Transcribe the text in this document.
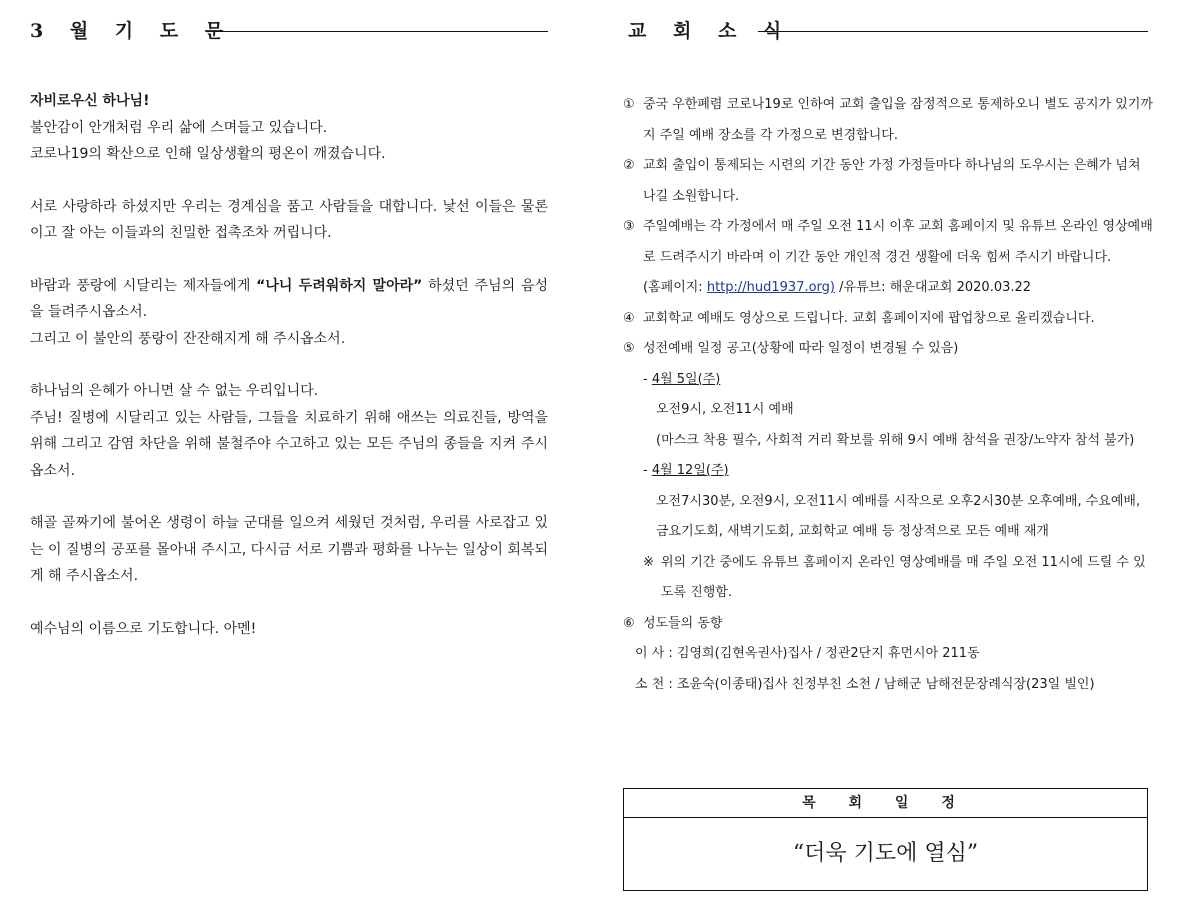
3 월 기 도 문

자비로우신 하나님!

불안감이 안개처럼 우리 삶에 스며들고 있습니다.
코로나19의 확산으로 인해 일상생활의 평온이 깨졌습니다.

서로 사랑하라 하셨지만 우리는 경계심을 품고 사람들을 대합니다. 낯선 이들은 물론이고 잘 아는 이들과의 친밀한 접촉조차 꺼립니다.

바람과 풍랑에 시달리는 제자들에게 “나니 두려워하지 말아라” 하셨던 주님의 음성을 들려주시옵소서.
그리고 이 불안의 풍랑이 잔잔해지게 해 주시옵소서.

하나님의 은혜가 아니면 살 수 없는 우리입니다.
주님! 질병에 시달리고 있는 사람들, 그들을 치료하기 위해 애쓰는 의료진들, 방역을 위해 그리고 감염 차단을 위해 불철주야 수고하고 있는 모든 주님의 종들을 지켜 주시옵소서.

해골 골짜기에 불어온 생령이 하늘 군대를 일으켜 세웠던 것처럼, 우리를 사로잡고 있는 이 질병의 공포를 몰아내 주시고, 다시금 서로 기쁨과 평화를 나누는 일상이 회복되게 해 주시옵소서.

예수님의 이름으로 기도합니다. 아멘!

교 회 소 식
① 중국 우한폐렴 코로나19로 인하여 교회 출입을 잠정적으로 통제하오니 별도 공지가 있기까지 주일 예배 장소를 각 가정으로 변경합니다.
② 교회 출입이 통제되는 시련의 기간 동안 가정 가정들마다 하나님의 도우시는 은혜가 넘쳐나길 소원합니다.
③ 주일예배는 각 가정에서 매 주일 오전 11시 이후 교회 홈페이지 및 유튜브 온라인 영상예배로 드려주시기 바라며 이 기간 동안 개인적 경건 생활에 더욱 힘써 주시기 바랍니다.
(홈페이지: http://hud1937.org) /유튜브: 해운대교회 2020.03.22
④ 교회학교 예배도 영상으로 드립니다. 교회 홈페이지에 팝업창으로 올리겠습니다.
⑤ 성전예배 일정 공고(상황에 따라 일정이 변경될 수 있음)
- 4월 5일(주)
오전9시, 오전11시 예배
(마스크 착용 필수, 사회적 거리 확보를 위해 9시 예배 참석을 권장/노약자 참석 불가)
- 4월 12일(주)
오전7시30분, 오전9시, 오전11시 예배를 시작으로 오후2시30분 오후예배, 수요예배, 금요기도회, 새벽기도회, 교회학교 예배 등 정상적으로 모든 예배 재개
※ 위의 기간 중에도 유튜브 홈페이지 온라인 영상예배를 매 주일 오전 11시에 드릴 수 있도록 진행함.
⑥ 성도들의 동향
이 사 : 김영희(김현옥권사)집사 / 정관2단지 휴먼시아 211동
소 천 : 조윤숙(이종태)집사 친정부친 소천 / 남해군 남해전문장례식장(23일 빌인)
목 회 일 정
“더욱 기도에 열심”
